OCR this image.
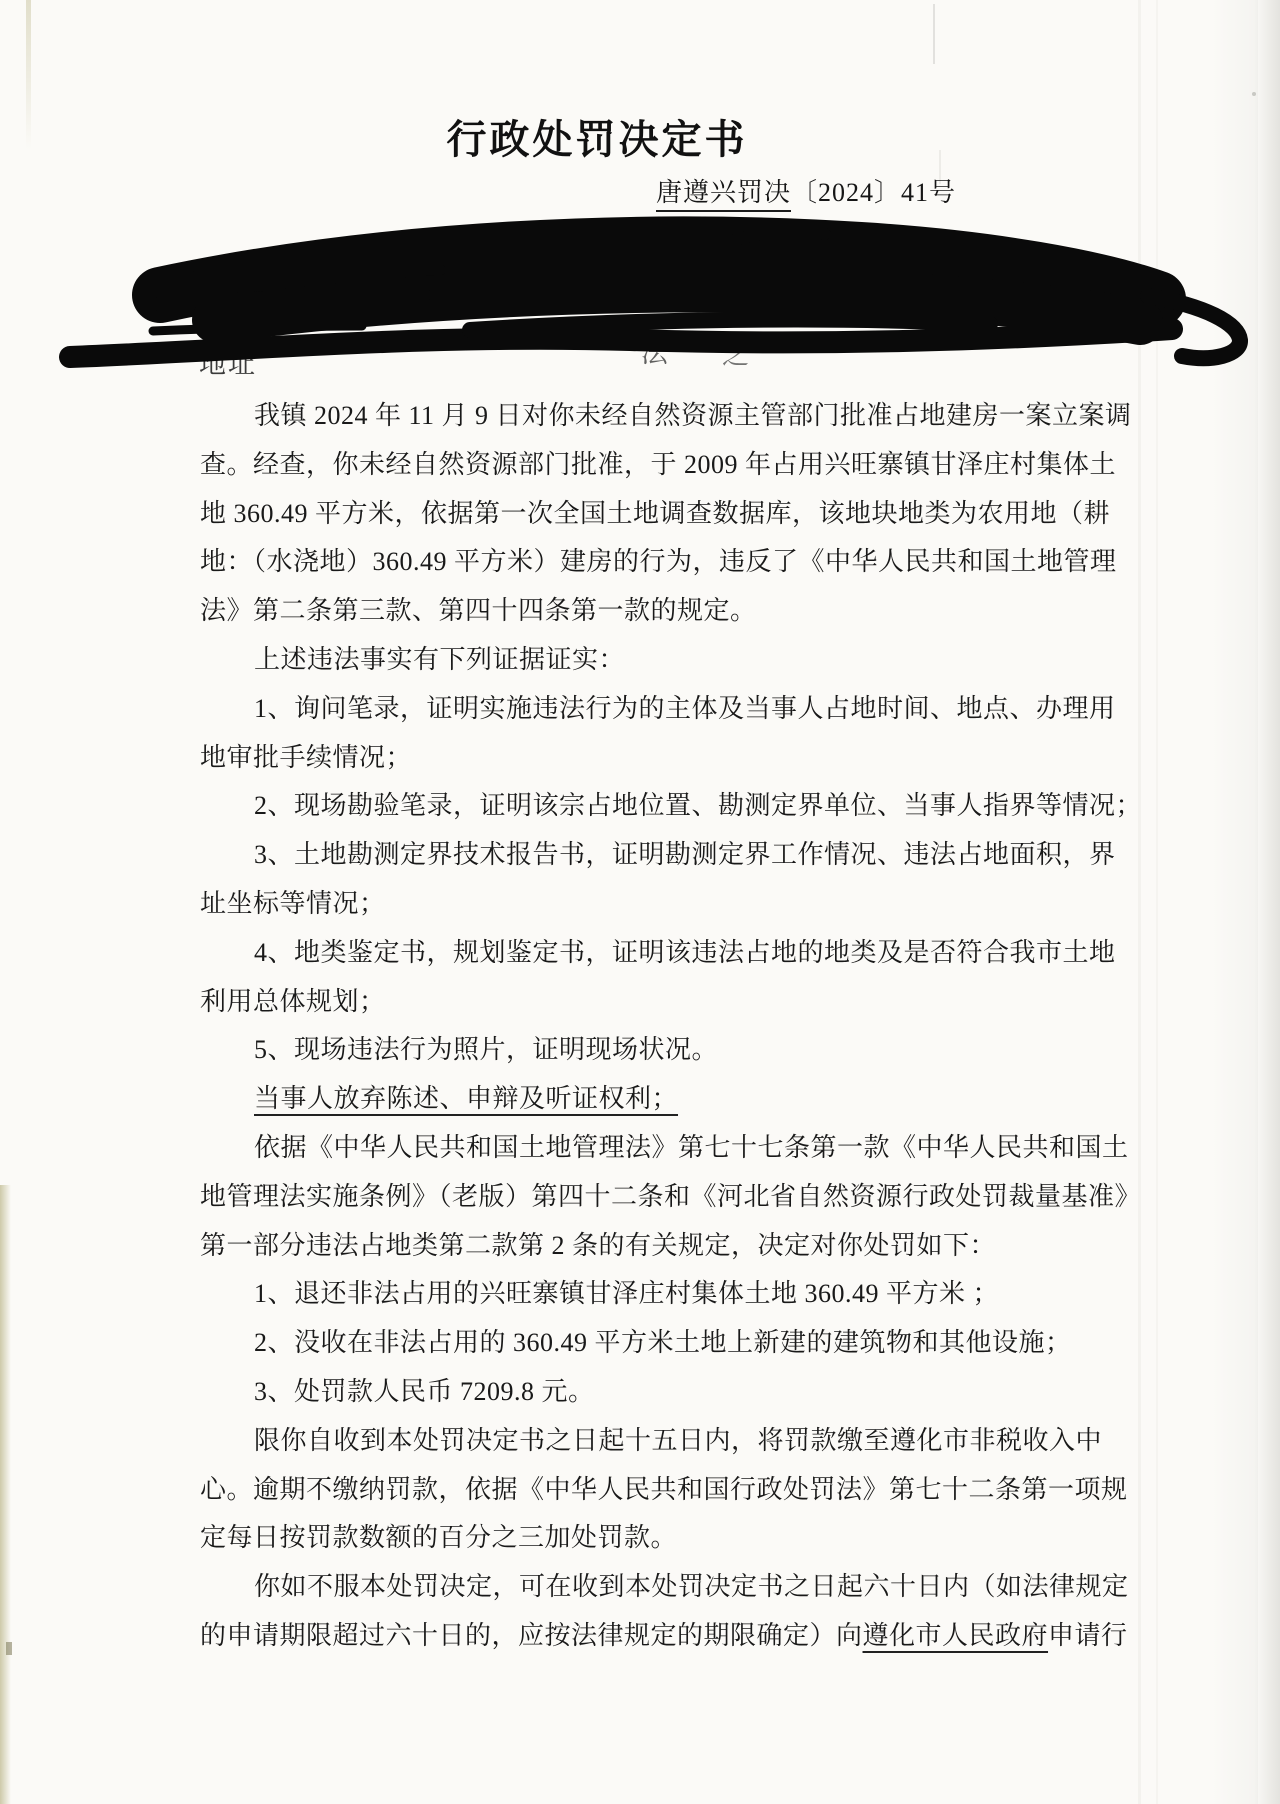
行政处罚决定书
唐遵兴罚决〔2024〕41号
地址	法 之
我镇 2024 年 11 月 9 日对你未经自然资源主管部门批准占地建房一案立案调
查。经查，你未经自然资源部门批准，于 2009 年占用兴旺寨镇甘泽庄村集体土
地 360.49 平方米，依据第一次全国土地调查数据库，该地块地类为农用地（耕
地：（水浇地）360.49 平方米）建房的行为，违反了《中华人民共和国土地管理
法》第二条第三款、第四十四条第一款的规定。
上述违法事实有下列证据证实：
1、询问笔录，证明实施违法行为的主体及当事人占地时间、地点、办理用
地审批手续情况；
2、现场勘验笔录，证明该宗占地位置、勘测定界单位、当事人指界等情况；
3、土地勘测定界技术报告书，证明勘测定界工作情况、违法占地面积，界
址坐标等情况；
4、地类鉴定书，规划鉴定书，证明该违法占地的地类及是否符合我市土地
利用总体规划；
5、现场违法行为照片，证明现场状况。
当事人放弃陈述、申辩及听证权利；
依据《中华人民共和国土地管理法》第七十七条第一款《中华人民共和国土
地管理法实施条例》（老版）第四十二条和《河北省自然资源行政处罚裁量基准》
第一部分违法占地类第二款第 2 条的有关规定，决定对你处罚如下：
1、退还非法占用的兴旺寨镇甘泽庄村集体土地 360.49 平方米 ；
2、没收在非法占用的 360.49 平方米土地上新建的建筑物和其他设施；
3、处罚款人民币 7209.8 元。
限你自收到本处罚决定书之日起十五日内，将罚款缴至遵化市非税收入中
心。逾期不缴纳罚款，依据《中华人民共和国行政处罚法》第七十二条第一项规
定每日按罚款数额的百分之三加处罚款。
你如不服本处罚决定，可在收到本处罚决定书之日起六十日内（如法律规定
的申请期限超过六十日的，应按法律规定的期限确定）向遵化市人民政府申请行
